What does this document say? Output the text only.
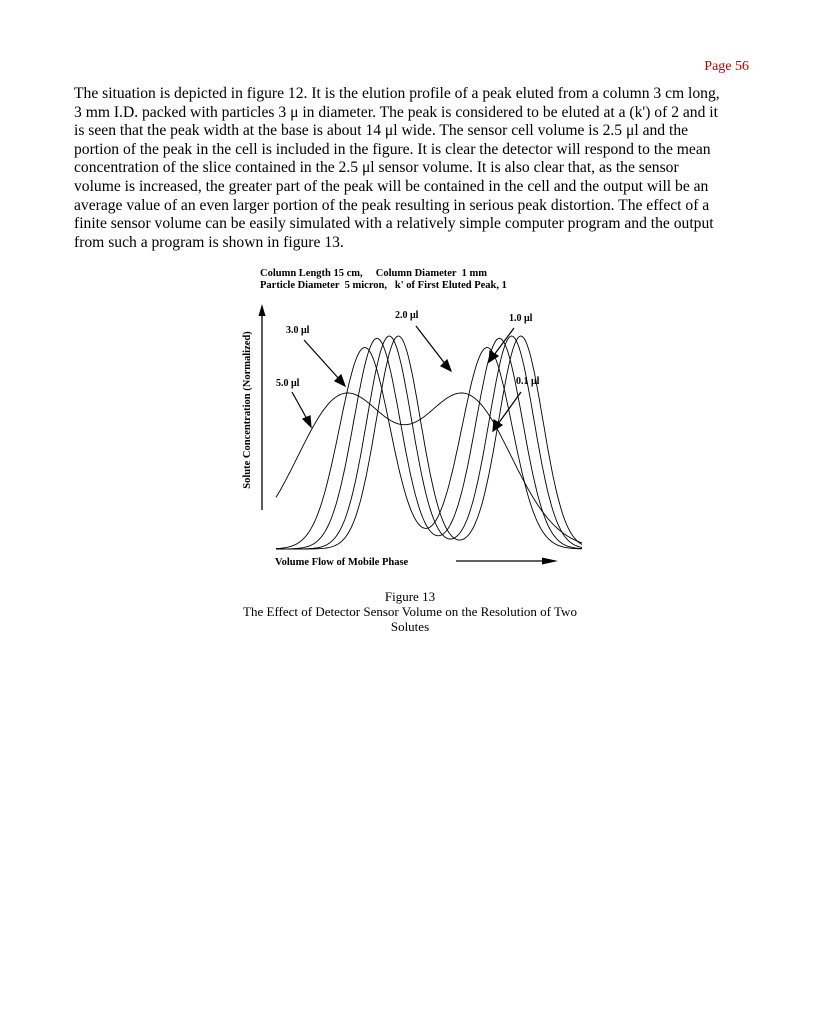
Page 56

The situation is depicted in figure 12. It is the elution profile of a peak eluted from a column 3 cm long,

3 mm I.D. packed with particles 3 μ in diameter. The peak is considered to be eluted at a (k') of 2 and it

is seen that the peak width at the base is about 14 μl wide. The sensor cell volume is 2.5 μl and the

portion of the peak in the cell is included in the figure. It is clear the detector will respond to the mean

concentration of the slice contained in the 2.5 μl sensor volume. It is also clear that, as the sensor

volume is increased, the greater part of the peak will be contained in the cell and the output will be an

average value of an even larger portion of the peak resulting in serious peak distortion. The effect of a

finite sensor volume can be easily simulated with a relatively simple computer program and the output

from such a program is shown in figure 13.

Column Length 15 cm,     Column Diameter  1 mm
Particle Diameter  5 micron,   k' of First Eluted Peak, 1
Solute Concentration (Normalized)
Volume Flow of Mobile Phase
3.0 μl
2.0 μl	1.0 μl
5.0 μl	0.1 μl
Figure 13
The Effect of Detector Sensor Volume on the Resolution of Two
Solutes
